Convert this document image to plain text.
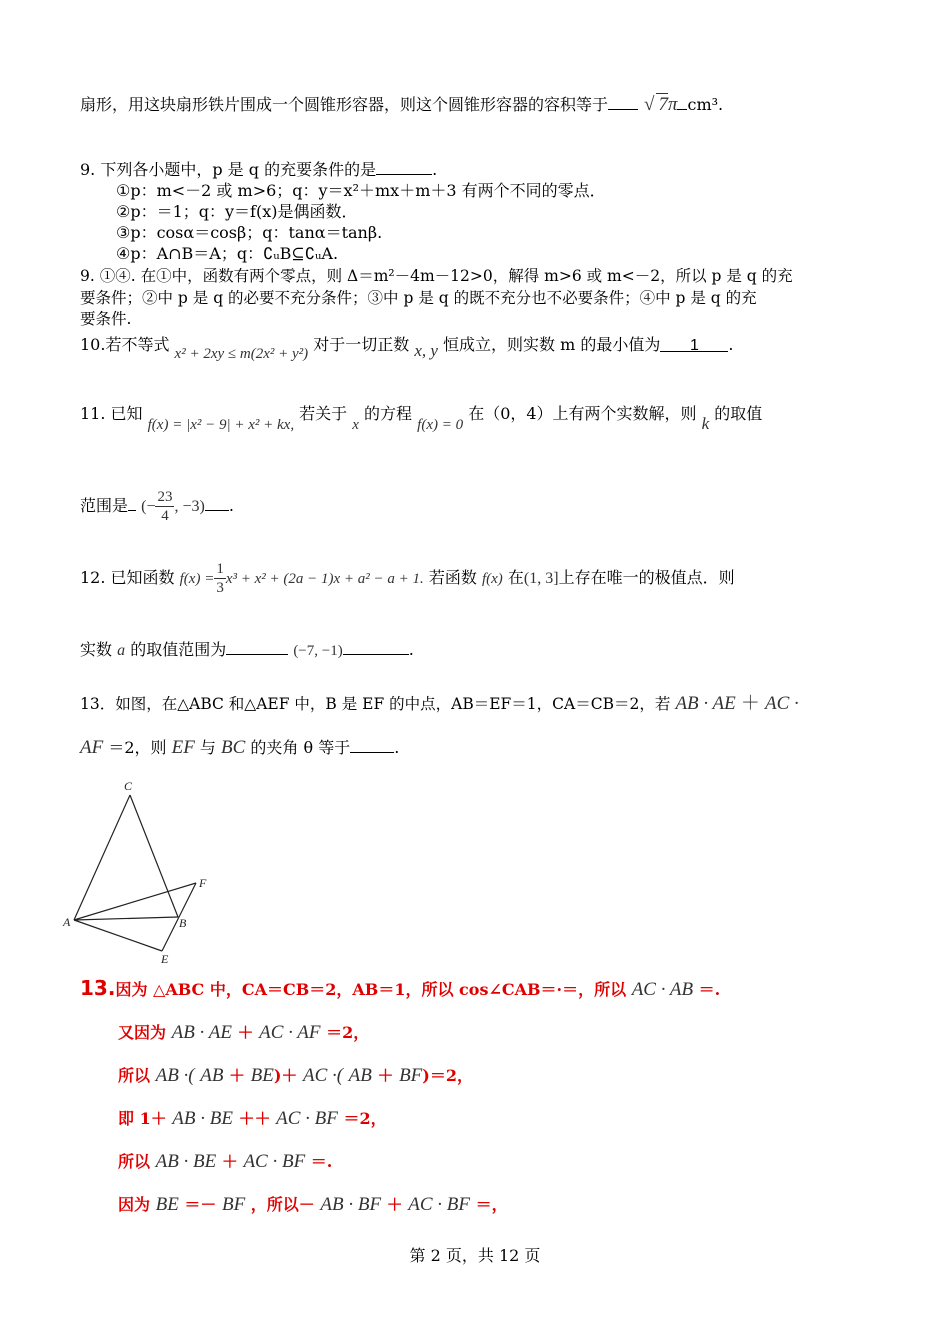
扇形，用这块扇形铁片围成一个圆锥形容器，则这个圆锥形容器的容积等于 √ 7π cm³.
9. 下列各小题中，p 是 q 的充要条件的是	.
①p：m<－2 或 m>6；q：y＝x²＋mx＋m＋3 有两个不同的零点．
②p：＝1；q：y＝f(x)是偶函数．
③p：cosα＝cosβ；q：tanα＝tanβ.
④p：A∩B＝A；q：∁ᵤB⊆∁ᵤA.
9. ①④. 在①中，函数有两个零点，则 Δ＝m²－4m－12>0，解得 m>6 或 m<－2，所以 p 是 q 的充
要条件；②中 p 是 q 的必要不充分条件；③中 p 是 q 的既不充分也不必要条件；④中 p 是 q 的充
要条件.
10.若不等式 x² + 2xy ≤ m(2x² + y²) 对于一切正数 x, y 恒成立，则实数 m 的最小值为 1 .
11. 已知 f(x) = |x² − 9| + x² + kx, 若关于 x 的方程 f(x) = 0 在（0，4）上有两个实数解，则 k 的取值
范围是 (− $\frac{23}{4}$ , −3) .
12. 已知函数 $f(x) = \frac{1}{3} x^3 + x^2 + (2a - 1)x + a^2 - a + 1$. 若函数 f(x) 在(1, 3]上存在唯一的极值点．则
实数 a 的取值范围为	(−7, −1)	.
13．如图，在△ABC 和△AEF 中，B 是 EF 的中点，AB＝EF＝1，CA＝CB＝2，若 AB · AE ＋ AC ·
AF ＝2，则 EF 与 BC 的夹角 θ 等于	.
C
A	B
F
E
13.因为 △ABC 中，CA＝CB＝2，AB＝1，所以 cos∠CAB＝·＝，所以 AC · AB ＝.
又因为 AB · AE ＋ AC · AF ＝2，
所以 AB ·( AB ＋ BE)＋ AC ·( AB ＋ BF)＝2，
即 1＋ AB · BE ＋＋ AC · BF ＝2，
所以 AB · BE ＋ AC · BF ＝.
因为 BE ＝－ BF ，所以－ AB · BF ＋ AC · BF ＝，
第 2 页，共 12 页
